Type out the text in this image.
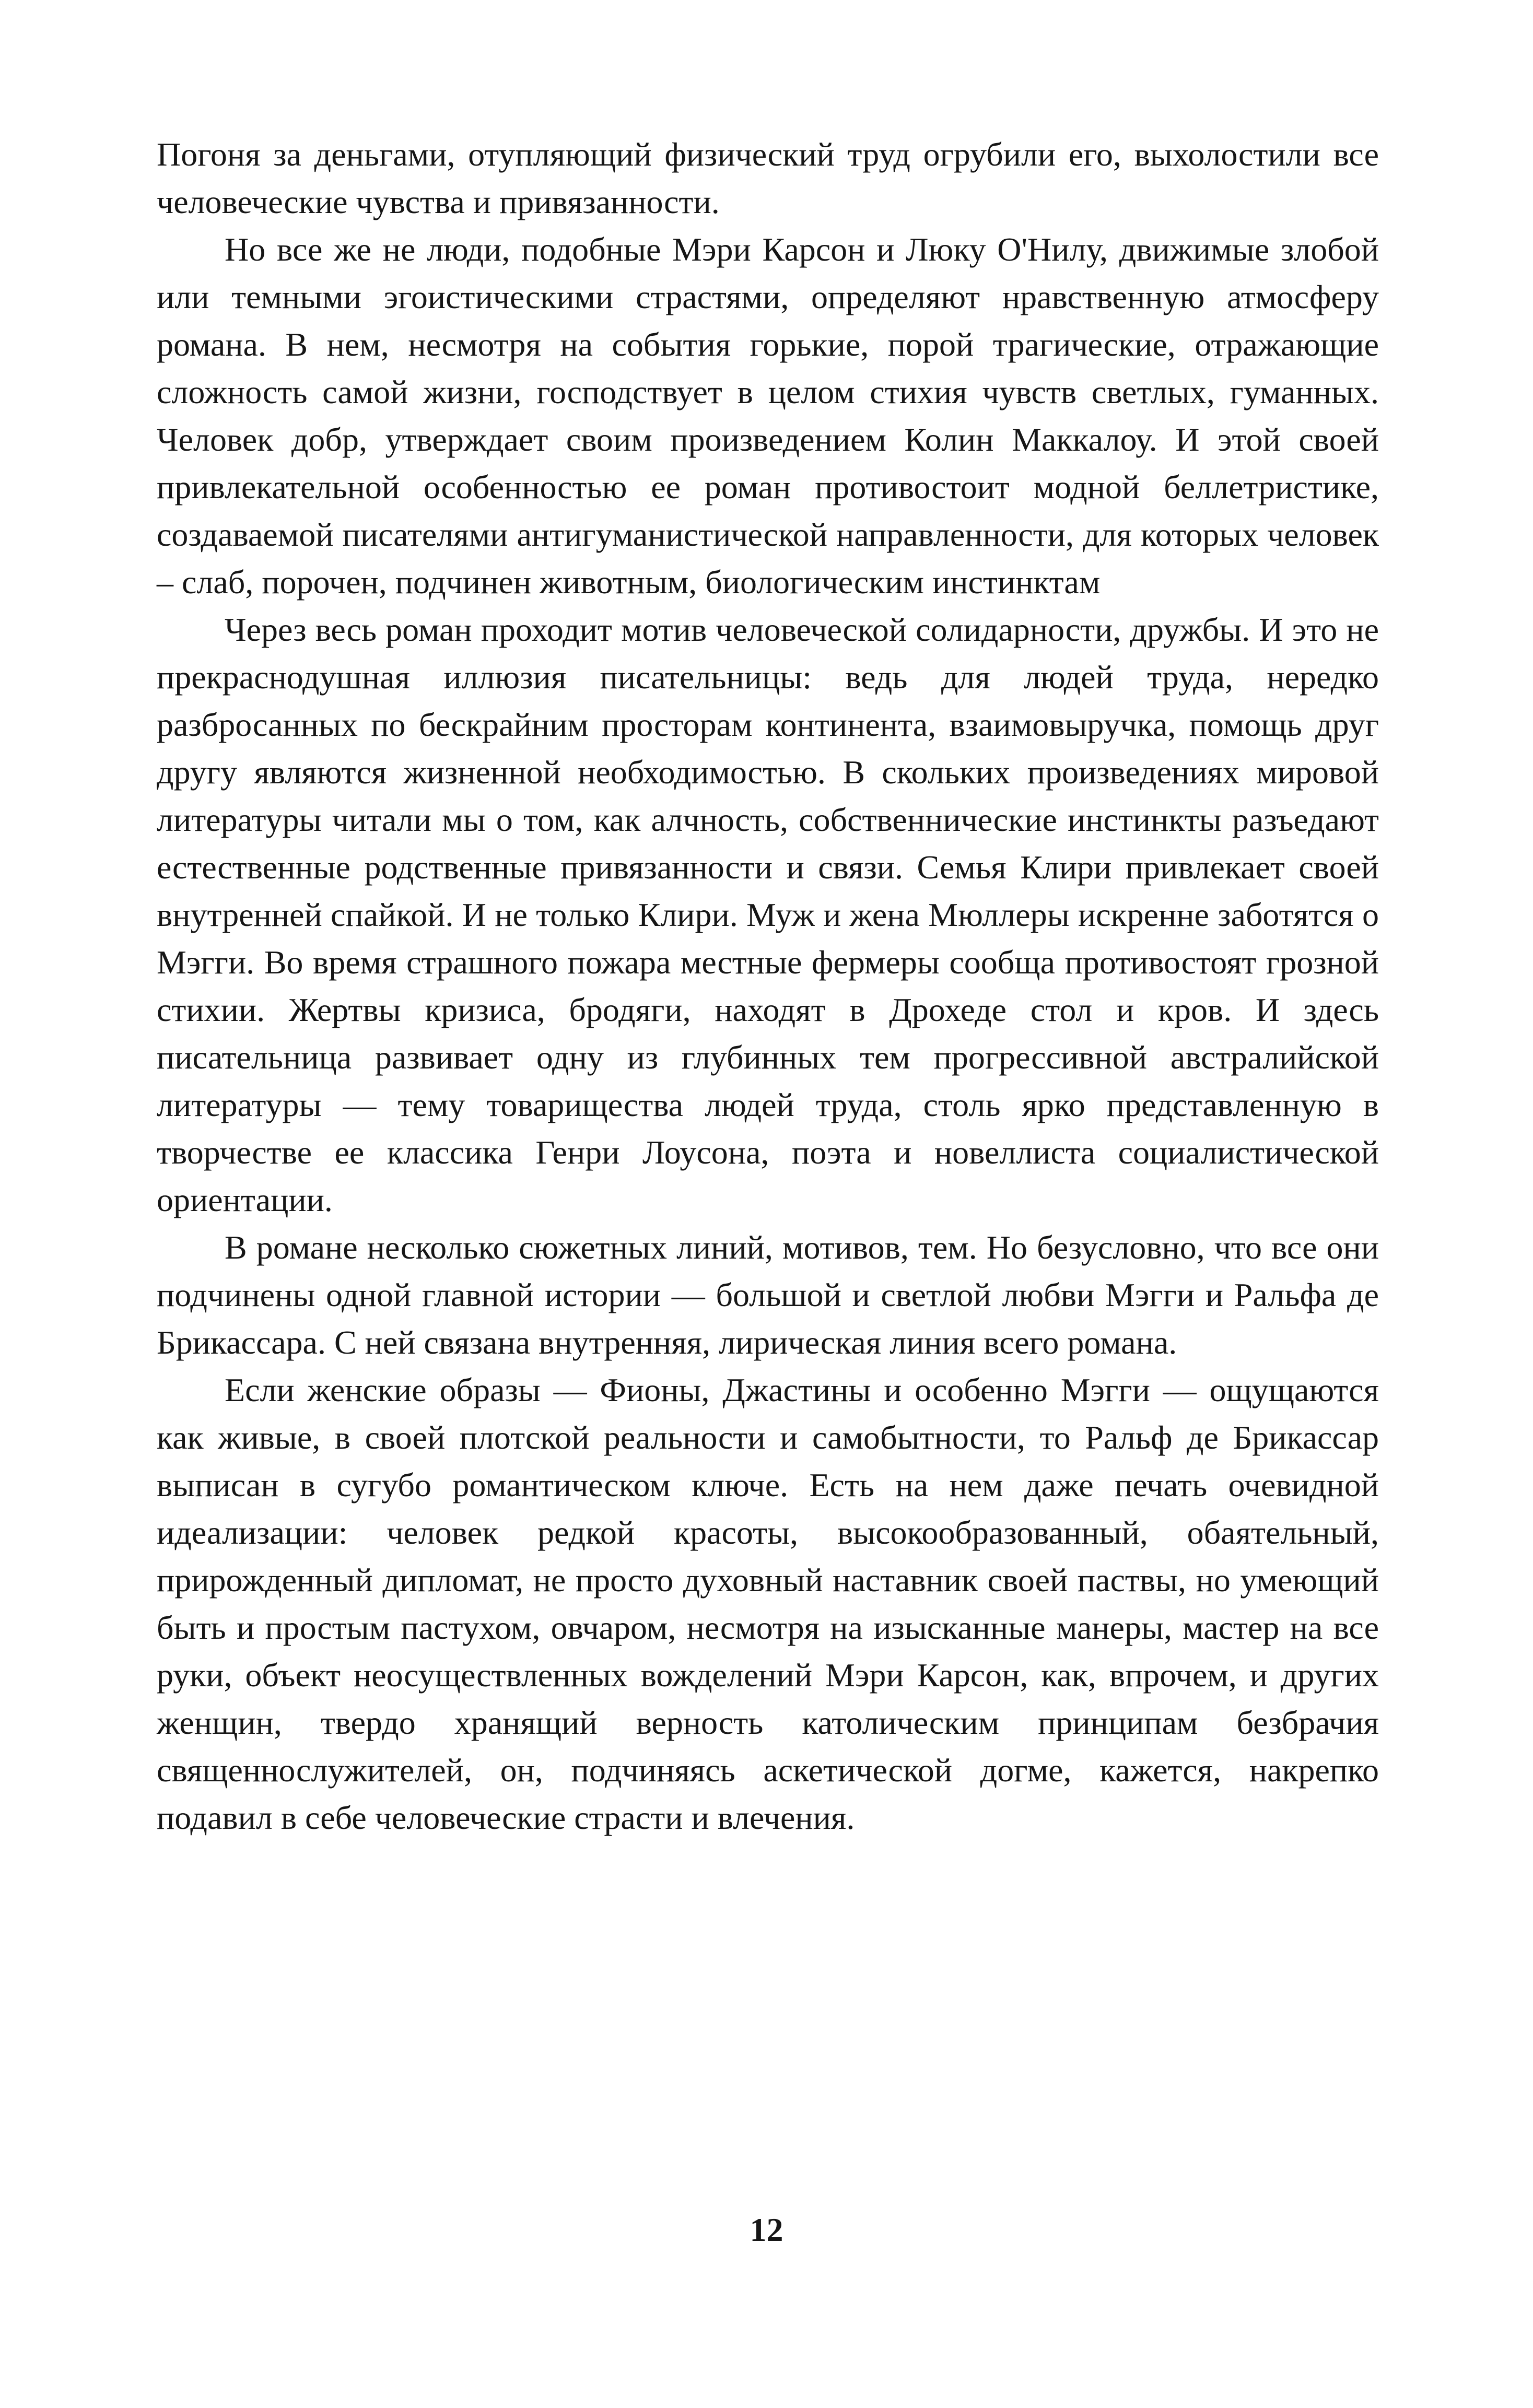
Погоня за деньгами, отупляющий физический труд огрубили его, выхолостили все человеческие чувства и привязанности.

Но все же не люди, подобные Мэри Карсон и Люку О'Нилу, движимые злобой или темными эгоистическими страстями, определяют нравственную атмосферу романа. В нем, несмотря на события горькие, порой трагические, отражающие сложность самой жизни, господствует в целом стихия чувств светлых, гуманных. Человек добр, утверждает своим произведением Колин Маккалоу. И этой своей привлекательной особенностью ее роман противостоит модной беллетристике, создаваемой писателями антигуманистической направленности, для которых человек – слаб, порочен, подчинен животным, биологическим инстинктам

Через весь роман проходит мотив человеческой солидарности, дружбы. И это не прекраснодушная иллюзия писательницы: ведь для людей труда, нередко разбросанных по бескрайним просторам континента, взаимовыручка, помощь друг другу являются жизненной необходимостью. В скольких произведениях мировой литературы читали мы о том, как алчность, собственнические инстинкты разъедают естественные родственные привязанности и связи. Семья Клири привлекает своей внутренней спайкой. И не только Клири. Муж и жена Мюллеры искренне заботятся о Мэгги. Во время страшного пожара местные фермеры сообща противостоят грозной стихии. Жертвы кризиса, бродяги, находят в Дрохеде стол и кров. И здесь писательница развивает одну из глубинных тем прогрессивной австралийской литературы — тему товарищества людей труда, столь ярко представленную в творчестве ее классика Генри Лоусона, поэта и новеллиста социалистической ориентации.

В романе несколько сюжетных линий, мотивов, тем. Но безусловно, что все они подчинены одной главной истории — большой и светлой любви Мэгги и Ральфа де Брикассара. С ней связана внутренняя, лирическая линия всего романа.

Если женские образы — Фионы, Джастины и особенно Мэгги — ощущаются как живые, в своей плотской реальности и самобытности, то Ральф де Брикассар выписан в сугубо романтическом ключе. Есть на нем даже печать очевидной идеализации: человек редкой красоты, высокообразованный, обаятельный, прирожденный дипломат, не просто духовный наставник своей паствы, но умеющий быть и простым пастухом, овчаром, несмотря на изысканные манеры, мастер на все руки, объект неосуществленных вожделений Мэри Карсон, как, впрочем, и других женщин, твердо хранящий верность католическим принципам безбрачия священнослужителей, он, подчиняясь аскетической догме, кажется, накрепко подавил в себе человеческие страсти и влечения.

12
